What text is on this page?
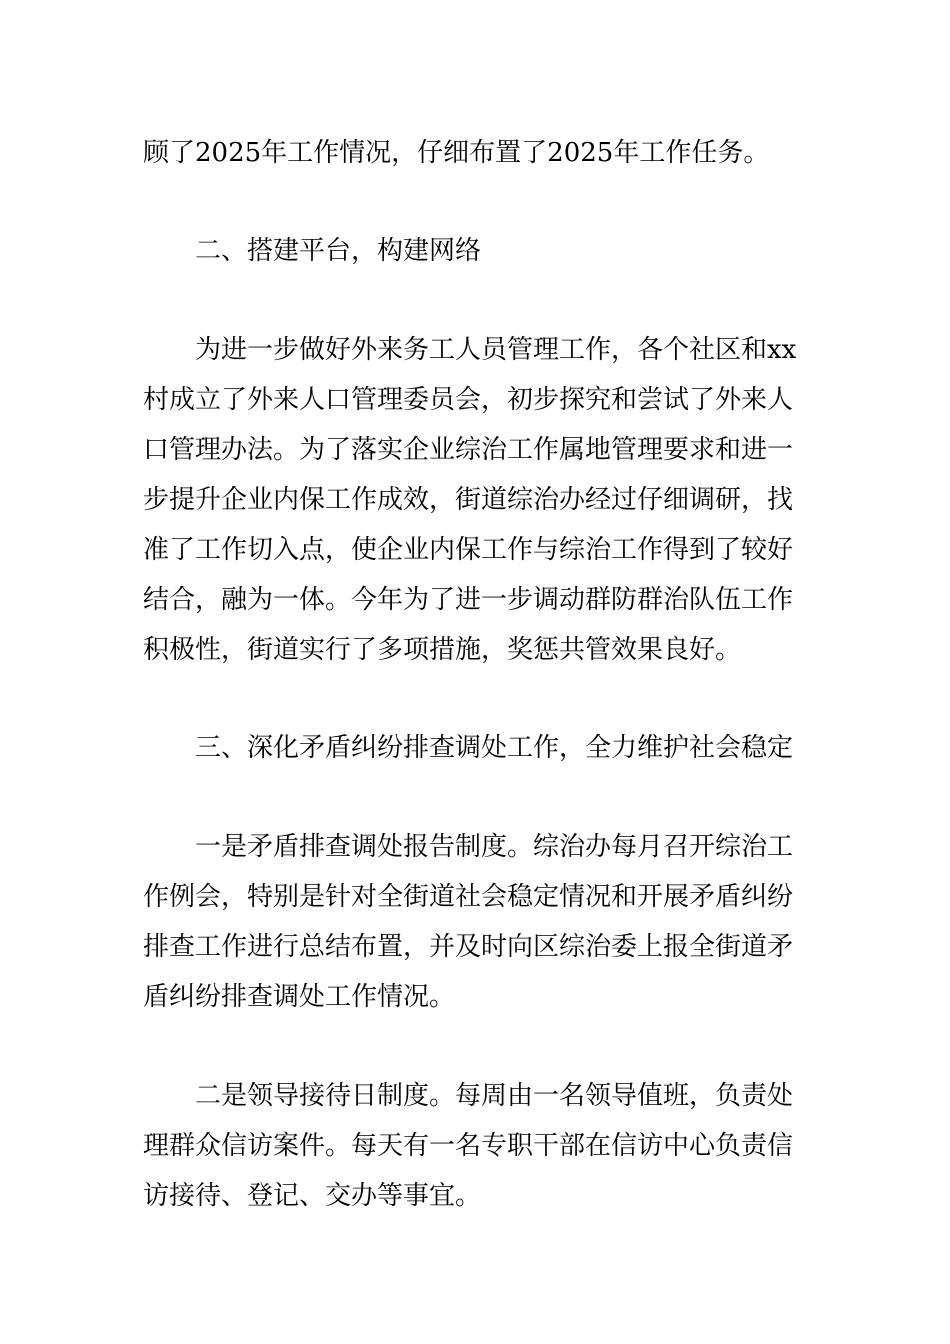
顾了2025年工作情况，仔细布置了2025年工作任务。

二、搭建平台，构建网络

为进一步做好外来务工人员管理工作，各个社区和xx
村成立了外来人口管理委员会，初步探究和尝试了外来人
口管理办法。为了落实企业综治工作属地管理要求和进一
步提升企业内保工作成效，街道综治办经过仔细调研，找
准了工作切入点，使企业内保工作与综治工作得到了较好
结合，融为一体。今年为了进一步调动群防群治队伍工作
积极性，街道实行了多项措施，奖惩共管效果良好。

三、深化矛盾纠纷排查调处工作，全力维护社会稳定

一是矛盾排查调处报告制度。综治办每月召开综治工
作例会，特别是针对全街道社会稳定情况和开展矛盾纠纷
排查工作进行总结布置，并及时向区综治委上报全街道矛
盾纠纷排查调处工作情况。

二是领导接待日制度。每周由一名领导值班，负责处
理群众信访案件。每天有一名专职干部在信访中心负责信
访接待、登记、交办等事宜。
